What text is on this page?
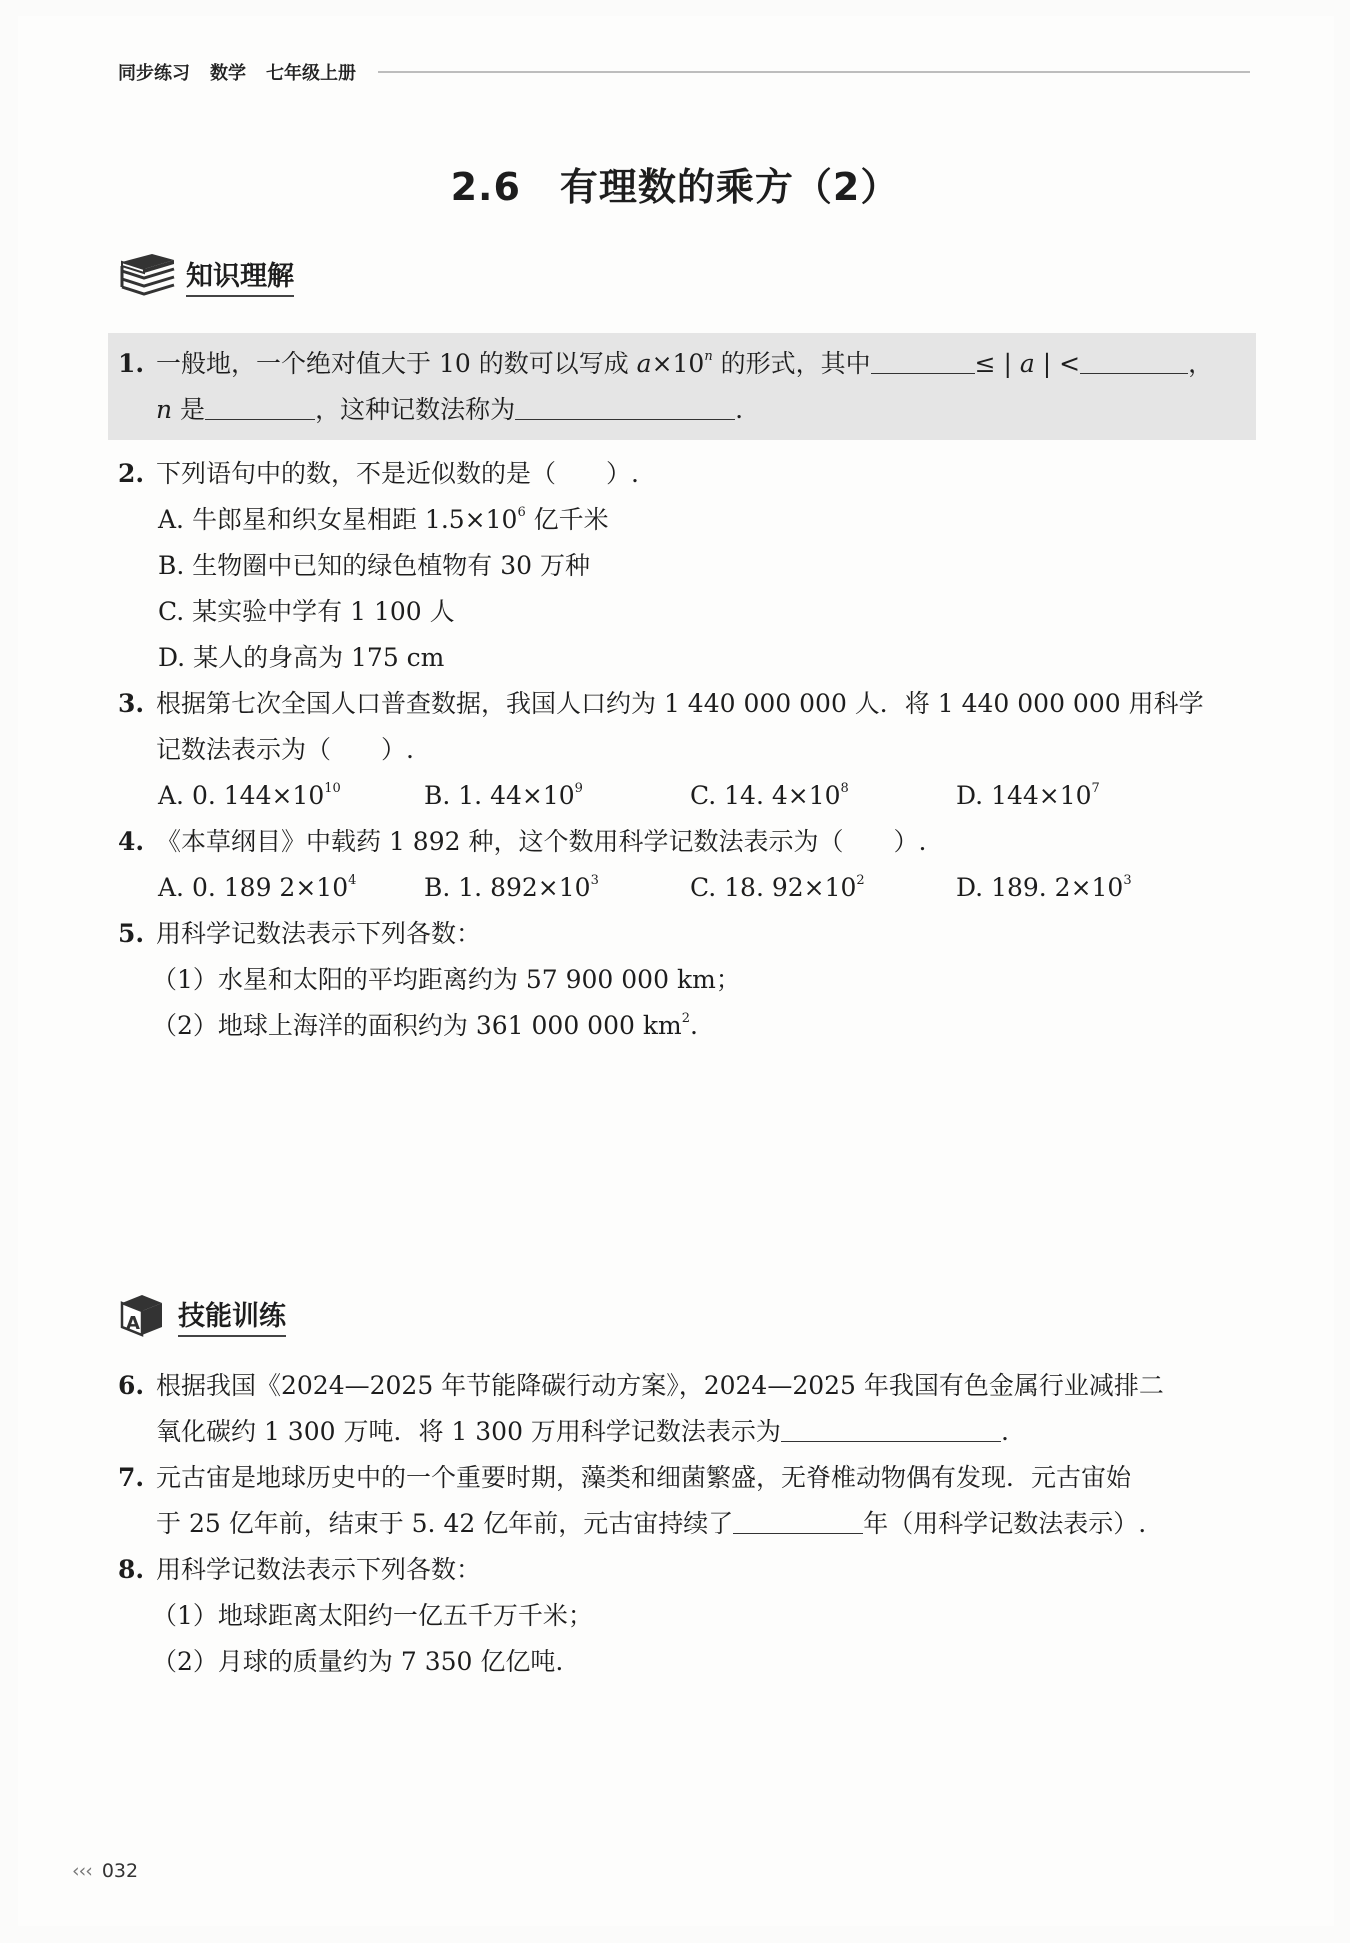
同步练习 数学 七年级上册
2.6　有理数的乘方（2）
知识理解
1. 一般地，一个绝对值大于 10 的数可以写成 $a\times 10^n$ 的形式，其中	≤ | a | <	，
n 是	，这种记数法称为	.
2. 下列语句中的数，不是近似数的是（　　）.
A. 牛郎星和织女星相距 $1.5\times 10^6$ 亿千米
B. 生物圈中已知的绿色植物有 30 万种
C. 某实验中学有 1 100 人
D. 某人的身高为 175 cm
3. 根据第七次全国人口普查数据，我国人口约为 1 440 000 000 人．将 1 440 000 000 用科学
记数法表示为（　　）.
A. 0. $144\times 10^{10}$	B. 1. $44\times 10^9$	C. 14. $4\times 10^8$	D. $144\times 10^7$
4. 《本草纲目》中载药 1 892 种，这个数用科学记数法表示为（　　）.
A. 0. 189 $2\times 10^4$	B. 1. $892\times 10^3$	C. 18. $92\times 10^2$	D. 189. $2\times 10^3$
5. 用科学记数法表示下列各数：
（1）水星和太阳的平均距离约为 57 900 000 km；
（2）地球上海洋的面积约为 361 000 000 $km^2$.
A 技能训练
6. 根据我国《2024—2025 年节能降碳行动方案》，2024—2025 年我国有色金属行业减排二
氧化碳约 1 300 万吨．将 1 300 万用科学记数法表示为	.
7. 元古宙是地球历史中的一个重要时期，藻类和细菌繁盛，无脊椎动物偶有发现．元古宙始
于 25 亿年前，结束于 5. 42 亿年前，元古宙持续了	年（用科学记数法表示）.
8. 用科学记数法表示下列各数：
（1）地球距离太阳约一亿五千万千米；
（2）月球的质量约为 7 350 亿亿吨.
‹‹‹ 032
